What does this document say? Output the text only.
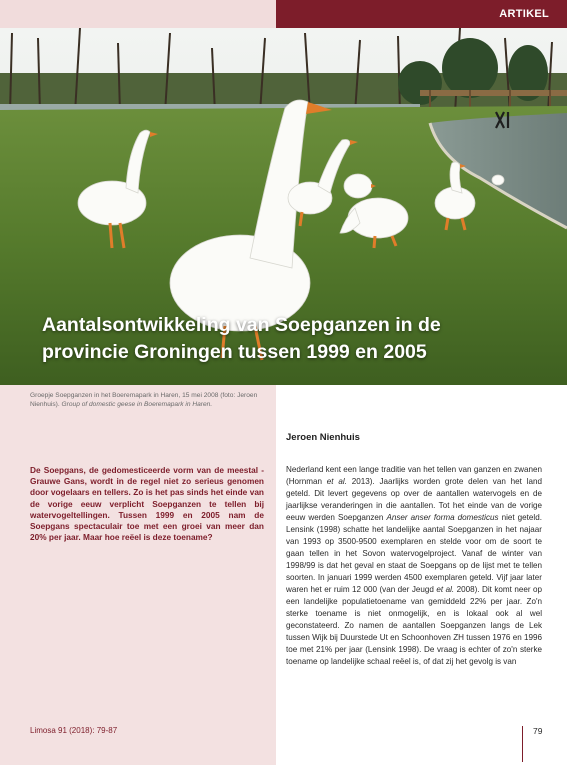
ARTIKEL
Aantalsontwikkeling van Soepganzen in de
provincie Groningen tussen 1999 en 2005
Groepje Soepganzen in het Boeremapark in Haren, 15 mei 2008 (foto: Jeroen Nienhuis). Group of domestic geese in Boeremapark in Haren.
De Soepgans, de gedomesticeerde vorm van de meestal - Grauwe Gans, wordt in de regel niet zo serieus genomen door vogelaars en tellers. Zo is het pas sinds het einde van de vorige eeuw verplicht Soepganzen te tellen bij watervogeltellingen. Tussen 1999 en 2005 nam de Soepgans spectaculair toe met een groei van meer dan 20% per jaar. Maar hoe reëel is deze toename?
Jeroen Nienhuis
Nederland kent een lange traditie van het tellen van ganzen en zwanen (Hornman et al. 2013). Jaarlijks worden grote delen van het land geteld. Dit levert gegevens op over de aantallen watervogels en de jaarlijkse veranderingen in die aantallen. Tot het einde van de vorige eeuw werden Soepganzen Anser anser forma domesticus niet geteld. Lensink (1998) schatte het landelijke aantal Soepganzen in het najaar van 1993 op 3500-9500 exemplaren en stelde voor om de soort te gaan tellen in het Sovon watervogelproject. Vanaf de winter van 1998/99 is dat het geval en staat de Soepgans op de lijst met te tellen soorten. In januari 1999 werden 4500 exemplaren geteld. Vijf jaar later waren het er ruim 12 000 (van der Jeugd et al. 2008). Dit komt neer op een landelijke populatietoename van gemiddeld 22% per jaar. Zo'n sterke toename is niet onmogelijk, en is lokaal ook al wel geconstateerd. Zo namen de aantallen Soepganzen langs de Lek tussen Wijk bij Duurstede Ut en Schoonhoven ZH tussen 1976 en 1996 toe met 21% per jaar (Lensink 1998). De vraag is echter of zo'n sterke toename op landelijke schaal reëel is, of dat zij het gevolg is van
Limosa 91 (2018): 79-87	79
